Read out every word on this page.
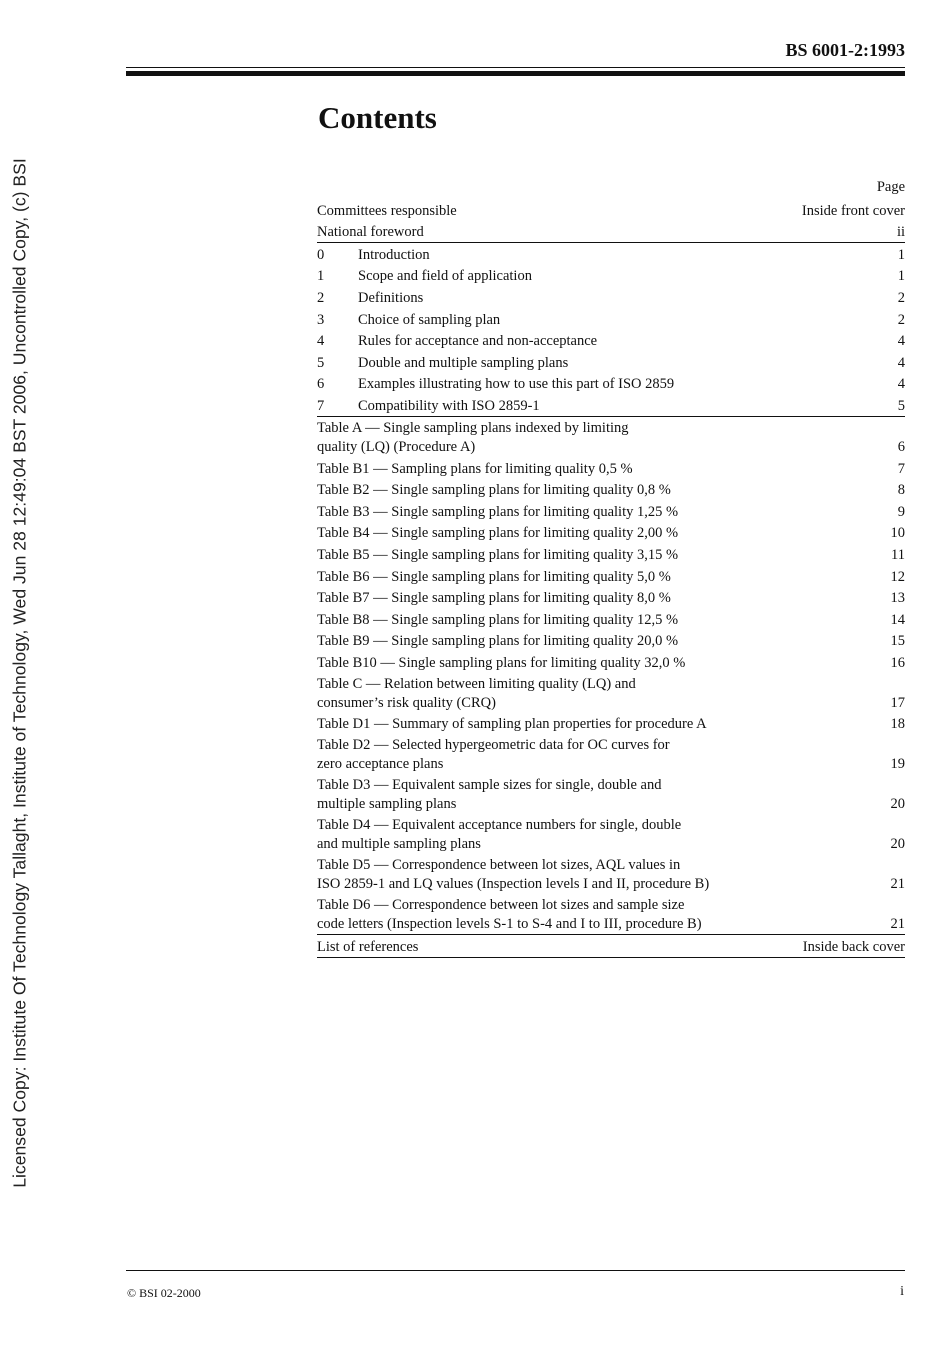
BS 6001-2:1993
Contents
Page
Committees responsible	Inside front cover
National foreword	ii
0	Introduction	1
1	Scope and field of application	1
2	Definitions	2
3	Choice of sampling plan	2
4	Rules for acceptance and non-acceptance	4
5	Double and multiple sampling plans	4
6	Examples illustrating how to use this part of ISO 2859	4
7	Compatibility with ISO 2859-1	5
Table A — Single sampling plans indexed by limiting
quality (LQ) (Procedure A)	6
Table B1 — Sampling plans for limiting quality 0,5 %	7
Table B2 — Single sampling plans for limiting quality 0,8 %	8
Table B3 — Single sampling plans for limiting quality 1,25 %	9
Table B4 — Single sampling plans for limiting quality 2,00 %	10
Table B5 — Single sampling plans for limiting quality 3,15 %	11
Table B6 — Single sampling plans for limiting quality 5,0 %	12
Table B7 — Single sampling plans for limiting quality 8,0 %	13
Table B8 — Single sampling plans for limiting quality 12,5 %	14
Table B9 — Single sampling plans for limiting quality 20,0 %	15
Table B10 — Single sampling plans for limiting quality 32,0 %	16
Table C — Relation between limiting quality (LQ) and
consumer’s risk quality (CRQ)	17
Table D1 — Summary of sampling plan properties for procedure A	18
Table D2 — Selected hypergeometric data for OC curves for
zero acceptance plans	19
Table D3 — Equivalent sample sizes for single, double and
multiple sampling plans	20
Table D4 — Equivalent acceptance numbers for single, double
and multiple sampling plans	20
Table D5 — Correspondence between lot sizes, AQL values in
ISO 2859-1 and LQ values (Inspection levels I and II, procedure B)	21
Table D6 — Correspondence between lot sizes and sample size
code letters (Inspection levels S-1 to S-4 and I to III, procedure B)	21
List of references	Inside back cover
Licensed Copy: Institute Of Technology Tallaght, Institute of Technology, Wed Jun 28 12:49:04 BST 2006, Uncontrolled Copy, (c) BSI
© BSI 02-2000	i
